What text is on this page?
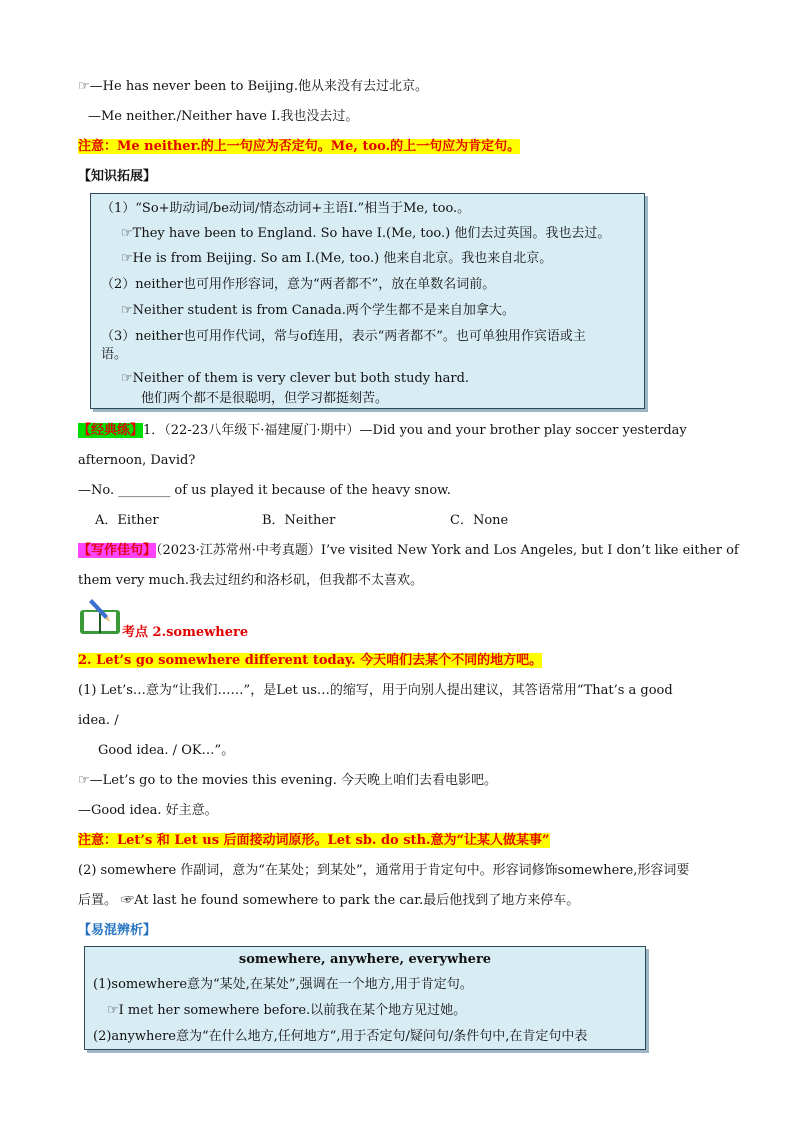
☞—He has never been to Beijing.他从来没有去过北京。
—Me neither./Neither have I.我也没去过。
注意：Me neither.的上一句应为否定句。Me, too.的上一句应为肯定句。
【知识拓展】
（1）“So+助动词/be动词/情态动词+主语I.”相当于Me, too.。
☞They have been to England. So have I.(Me, too.) 他们去过英国。我也去过。
☞He is from Beijing. So am I.(Me, too.) 他来自北京。我也来自北京。
（2）neither也可用作形容词，意为“两者都不”，放在单数名词前。
☞Neither student is from Canada.两个学生都不是来自加拿大。
（3）neither也可用作代词，常与of连用，表示“两者都不”。也可单独用作宾语或主
语。
☞Neither of them is very clever but both study hard.
他们两个都不是很聪明，但学习都挺刻苦。
【经典练】1．（22-23八年级下·福建厦门·期中）—Did you and your brother play soccer yesterday
afternoon, David?
—No. ________ of us played it because of the heavy snow.
A．Either	B．Neither	C．None
【写作佳句】（2023·江苏常州·中考真题）I’ve visited New York and Los Angeles, but I don’t like either of
them very much.我去过纽约和洛杉矶，但我都不太喜欢。
考点 2.somewhere
2. Let’s go somewhere different today. 今天咱们去某个不同的地方吧。
(1) Let’s…意为“让我们……”，是Let us…的缩写，用于向别人提出建议，其答语常用“That’s a good
idea. /
Good idea. / OK…”。
☞—Let’s go to the movies this evening. 今天晚上咱们去看电影吧。
—Good idea. 好主意。
注意：Let’s 和 Let us 后面接动词原形。Let sb. do sth.意为“让某人做某事”
(2) somewhere 作副词，意为“在某处；到某处”，通常用于肯定句中。形容词修饰somewhere,形容词要
后置。 ☞At last he found somewhere to park the car.最后他找到了地方来停车。
【易混辨析】
somewhere, anywhere, everywhere
(1)somewhere意为“某处,在某处”,强调在一个地方,用于肯定句。
☞I met her somewhere before.以前我在某个地方见过她。
(2)anywhere意为“在什么地方,任何地方”,用于否定句/疑问句/条件句中,在肯定句中表
